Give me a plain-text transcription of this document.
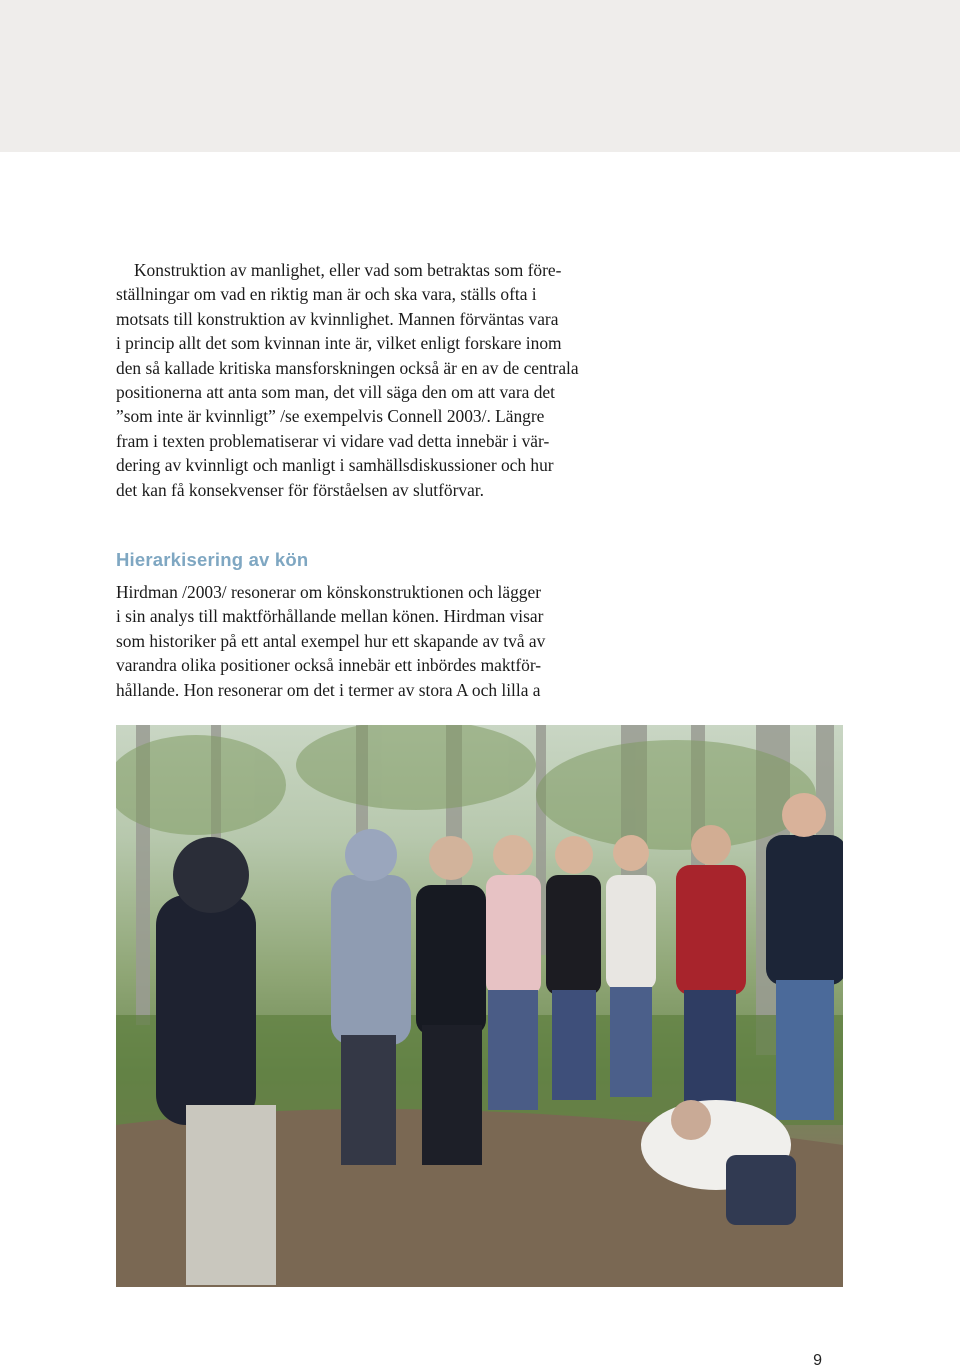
Konstruktion av manlighet, eller vad som betraktas som före-
ställningar om vad en riktig man är och ska vara, ställs ofta i
motsats till konstruktion av kvinnlighet. Mannen förväntas vara
i princip allt det som kvinnan inte är, vilket enligt forskare inom
den så kallade kritiska mansforskningen också är en av de centrala
positionerna att anta som man, det vill säga den om att vara det
”som inte är kvinnligt” /se exempelvis Connell 2003/. Längre
fram i texten problematiserar vi vidare vad detta innebär i vär-
dering av kvinnligt och manligt i samhällsdiskussioner och hur
det kan få konsekvenser för förståelsen av slutförvar.
Hierarkisering av kön
Hirdman /2003/ resonerar om könskonstruktionen och lägger
i sin analys till maktförhållande mellan könen. Hirdman visar
som historiker på ett antal exempel hur ett skapande av två av
varandra olika positioner också innebär ett inbördes maktför-
hållande. Hon resonerar om det i termer av stora A och lilla a
9
